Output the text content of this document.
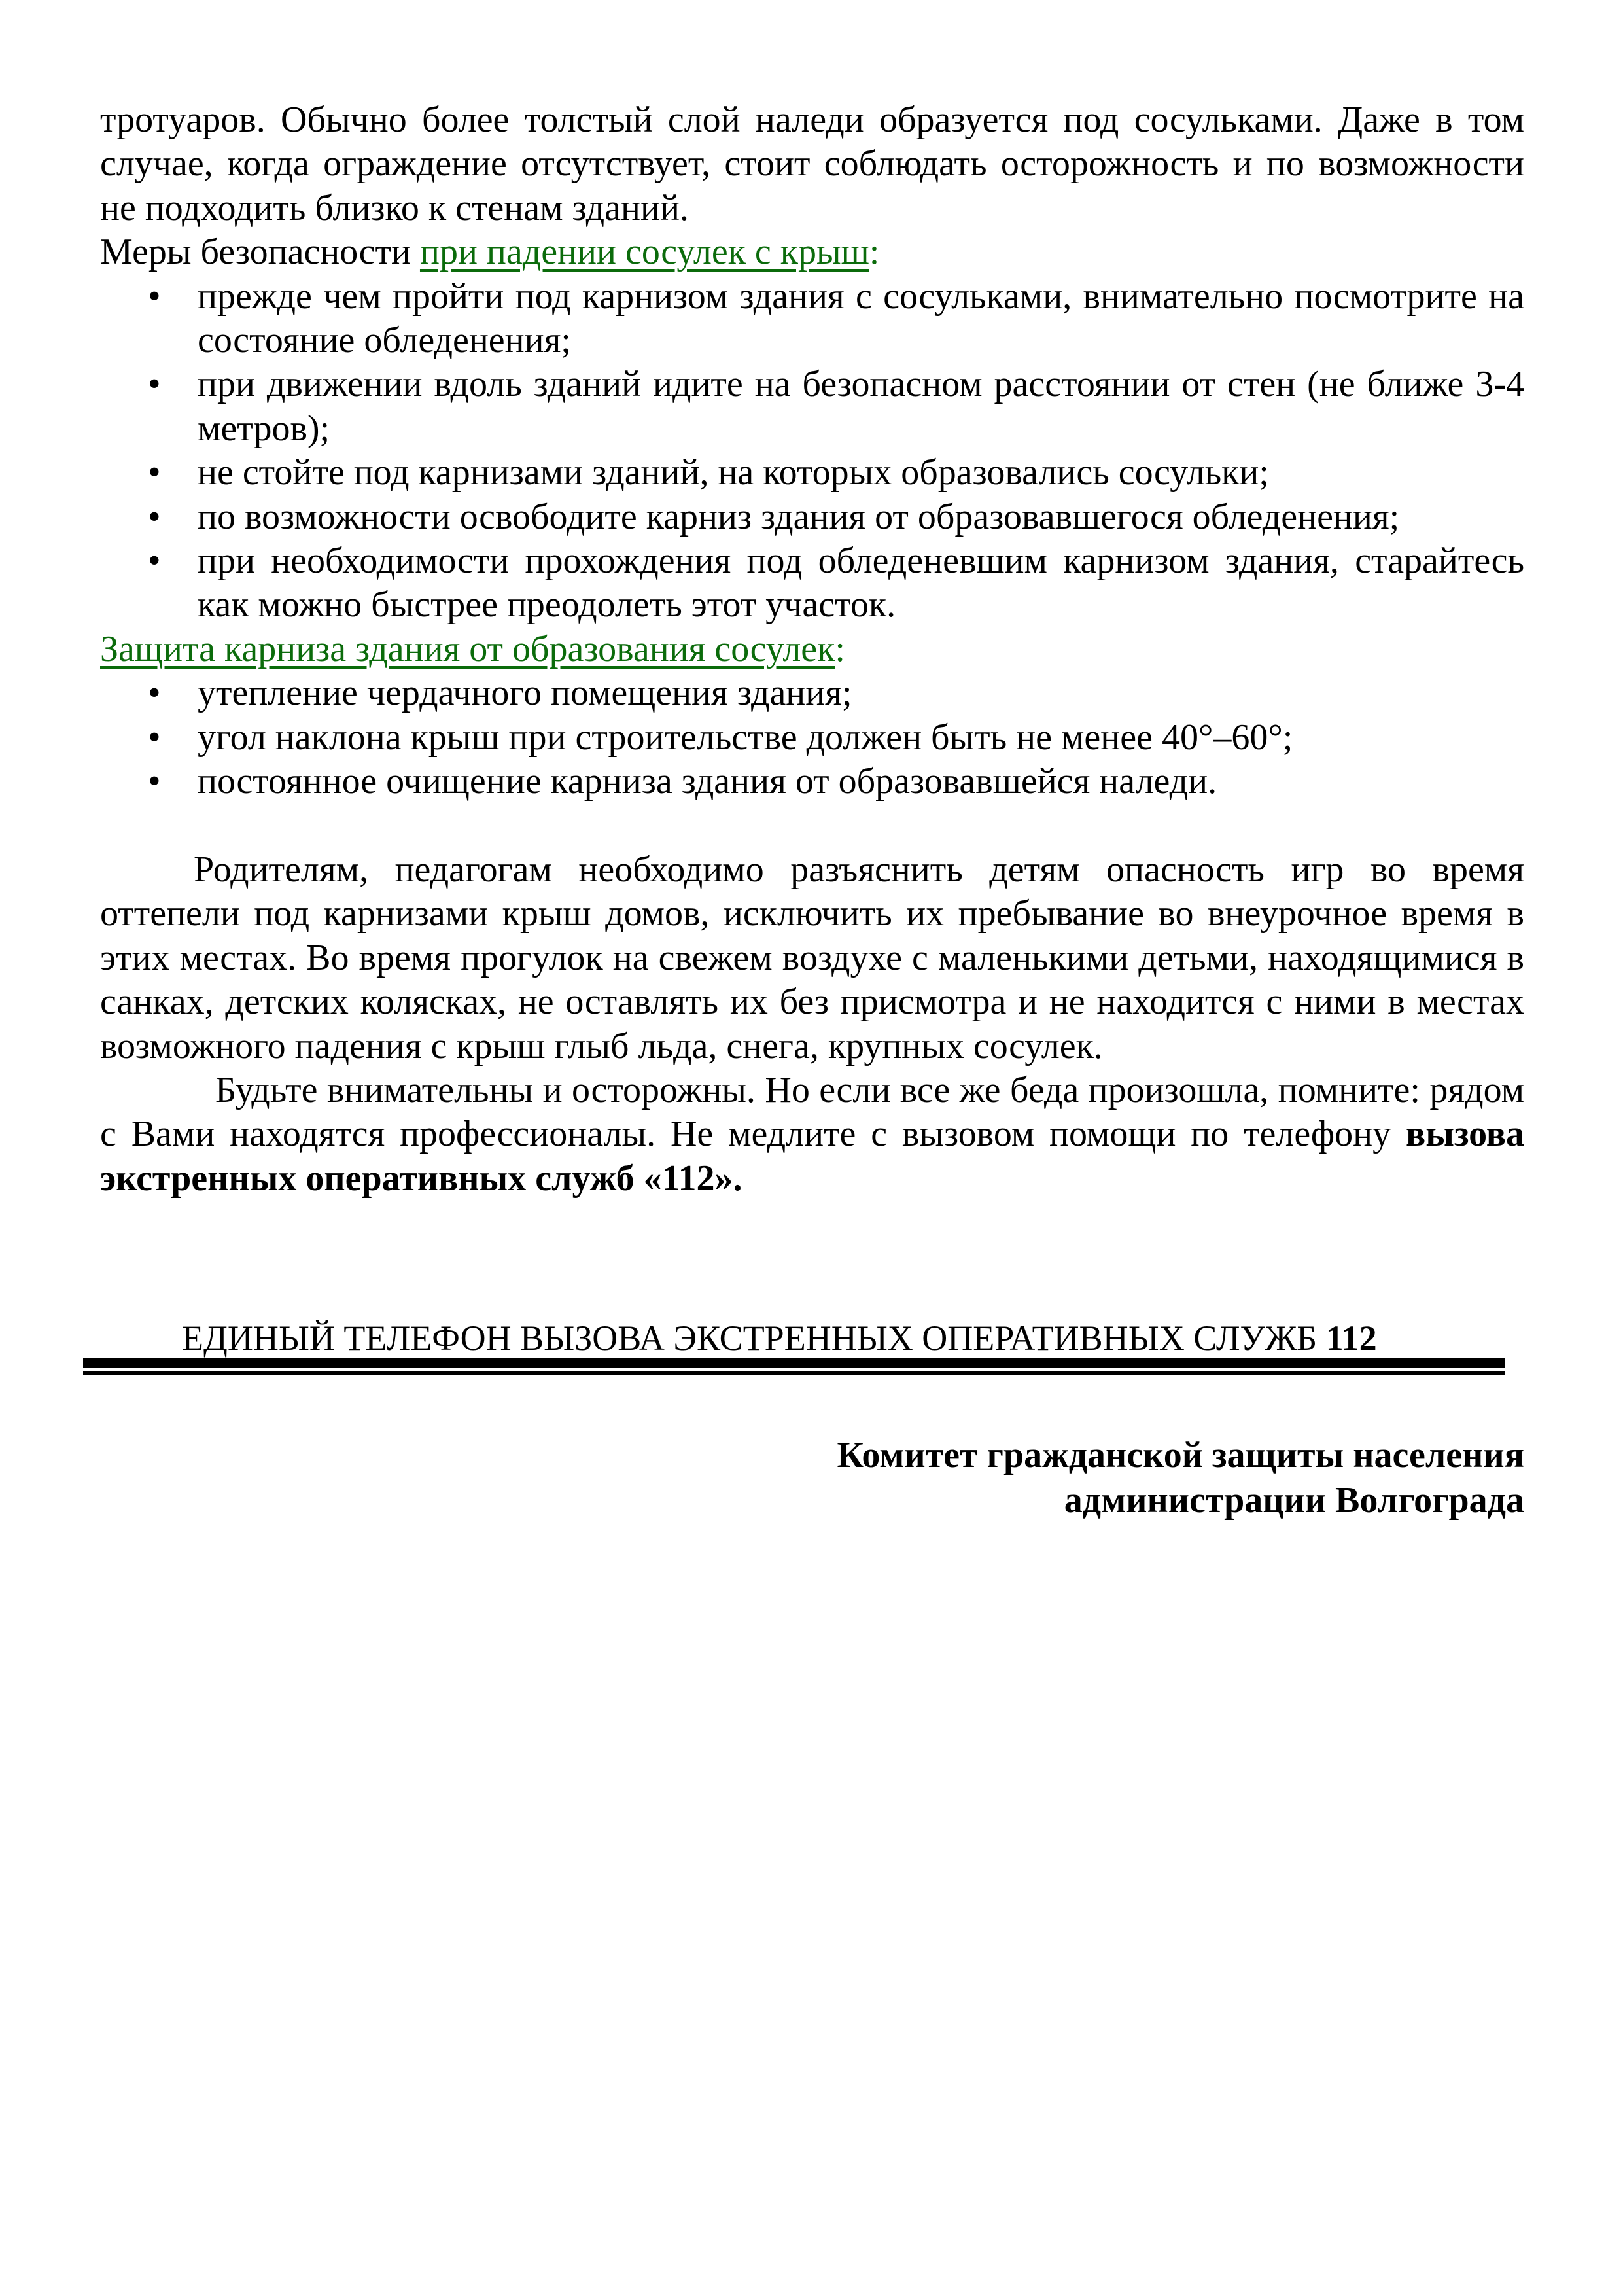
тротуаров. Обычно более толстый слой наледи образуется под сосульками. Даже в том случае, когда ограждение отсутствует, стоит соблюдать осторожность и по возможности не подходить близко к стенам зданий.

Меры безопасности при падении сосулек с крыш:

• прежде чем пройти под карнизом здания с сосульками, внимательно посмотрите на состояние обледенения;
• при движении вдоль зданий идите на безопасном расстоянии от стен (не ближе 3-4 метров);
• не стойте под карнизами зданий, на которых образовались сосульки;
• по возможности освободите карниз здания от образовавшегося обледенения;
• при необходимости прохождения под обледеневшим карнизом здания, старайтесь как можно быстрее преодолеть этот участок.

Защита карниза здания от образования сосулек:

• утепление чердачного помещения здания;
• угол наклона крыш при строительстве должен быть не менее 40°–60°;
• постоянное очищение карниза здания от образовавшейся наледи.

Родителям, педагогам необходимо разъяснить детям опасность игр во время оттепели под карнизами крыш домов, исключить их пребывание во внеурочное время в этих местах. Во время прогулок на свежем воздухе с маленькими детьми, находящимися в санках, детских колясках, не оставлять их без присмотра и не находится с ними в местах возможного падения с крыш глыб льда, снега, крупных сосулек.

Будьте внимательны и осторожны. Но если все же беда произошла, помните: рядом с Вами находятся профессионалы. Не медлите с вызовом помощи по телефону вызова экстренных оперативных служб «112».

ЕДИНЫЙ ТЕЛЕФОН ВЫЗОВА ЭКСТРЕННЫХ ОПЕРАТИВНЫХ СЛУЖБ 112
Комитет гражданской защиты населения
администрации Волгограда
